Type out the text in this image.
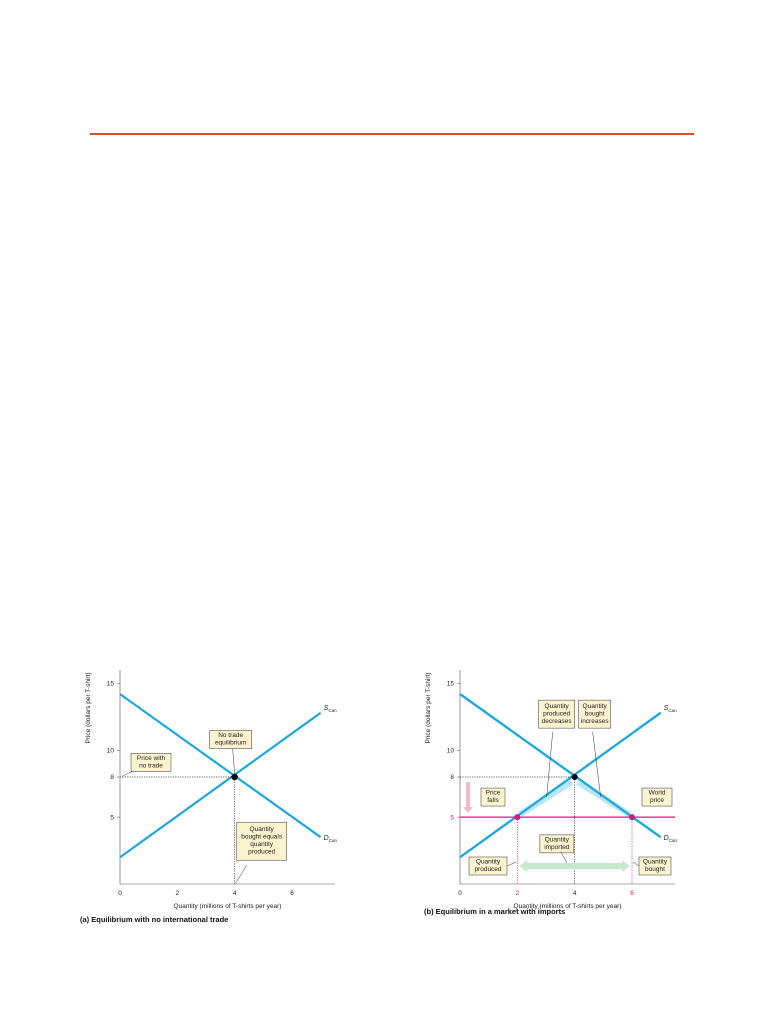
5
8
10
15
0	2	4	6
Quantity (millions of T-shirts per year)
Price (dollars per T-shirt)	$S_{Can}$
$D_{Can}$
Price with
no trade
No trade
equilibrium
Quantity
bought equals
quantity
produced
(a) Equilibrium with no international trade
5
8
10
15
0	2	4	6
Quantity (millions of T-shirts per year)
Price (dollars per T-shirt)	$S_{Can}$
$D_{Can}$
Quantity
produced
decreases
Quantity
bought
increases
Price
falls
World
price
Quantity
imported
Quantity
produced
Quantity
bought
(b) Equilibrium in a market with imports
